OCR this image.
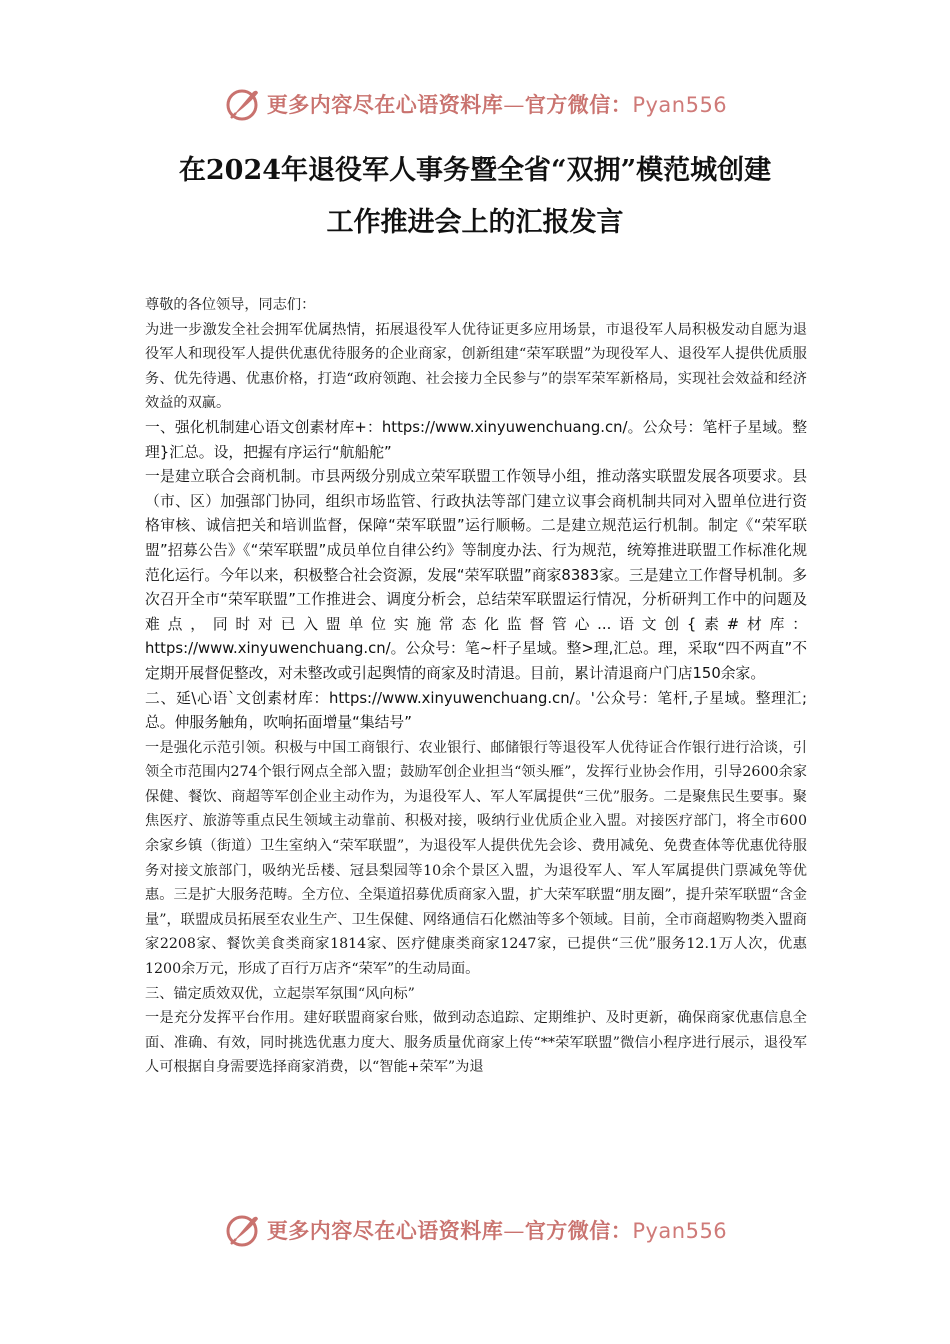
更多内容尽在心语资料库—官方微信：Pyan556
在2024年退役军人事务暨全省“双拥”模范城创建
工作推进会上的汇报发言

尊敬的各位领导，同志们：

为进一步激发全社会拥军优属热情，拓展退役军人优待证更多应用场景，市退役军人局积极发动自愿为退役军人和现役军人提供优惠优待服务的企业商家，创新组建“荣军联盟”为现役军人、退役军人提供优质服务、优先待遇、优惠价格，打造“政府领跑、社会接力全民参与”的崇军荣军新格局，实现社会效益和经济效益的双赢。

一、强化机制建心语文创素材库+：https://www.xinyuwenchuang.cn/。公众号：笔杆子星域。整理}汇总。设，把握有序运行“航船舵”

一是建立联合会商机制。市县两级分别成立荣军联盟工作领导小组，推动落实联盟发展各项要求。县（市、区）加强部门协同，组织市场监管、行政执法等部门建立议事会商机制共同对入盟单位进行资格审核、诚信把关和培训监督，保障“荣军联盟”运行顺畅。二是建立规范运行机制。制定《“荣军联盟”招募公告》《“荣军联盟”成员单位自律公约》等制度办法、行为规范，统筹推进联盟工作标准化规范化运行。今年以来，积极整合社会资源，发展“荣军联盟”商家8383家。三是建立工作督导机制。多次召开全市“荣军联盟”工作推进会、调度分析会，总结荣军联盟运行情况，分析研判工作中的问题及难点，同时对已入盟单位实施常态化监督管心...语文创{素#材库：https://www.xinyuwenchuang.cn/。公众号：笔~杆子星域。整>理,汇总。理，采取“四不两直”不定期开展督促整改，对未整改或引起舆情的商家及时清退。目前，累计清退商户门店150余家。

二、延\心语`文创素材库：https://www.xinyuwenchuang.cn/。'公众号：笔杆,子星域。整理汇;总。伸服务触角，吹响拓面增量“集结号”

一是强化示范引领。积极与中国工商银行、农业银行、邮储银行等退役军人优待证合作银行进行洽谈，引领全市范围内274个银行网点全部入盟；鼓励军创企业担当“领头雁”，发挥行业协会作用，引导2600余家保健、餐饮、商超等军创企业主动作为，为退役军人、军人军属提供“三优”服务。二是聚焦民生要事。聚焦医疗、旅游等重点民生领域主动靠前、积极对接，吸纳行业优质企业入盟。对接医疗部门，将全市600余家乡镇（街道）卫生室纳入“荣军联盟”，为退役军人提供优先会诊、费用减免、免费查体等优惠优待服务对接文旅部门，吸纳光岳楼、冠县梨园等10余个景区入盟，为退役军人、军人军属提供门票减免等优惠。三是扩大服务范畴。全方位、全渠道招募优质商家入盟，扩大荣军联盟“朋友圈”，提升荣军联盟“含金量”，联盟成员拓展至农业生产、卫生保健、网络通信石化燃油等多个领域。目前，全市商超购物类入盟商家2208家、餐饮美食类商家1814家、医疗健康类商家1247家，已提供“三优”服务12.1万人次，优惠1200余万元，形成了百行万店齐“荣军”的生动局面。

三、锚定质效双优，立起崇军氛围“风向标”

一是充分发挥平台作用。建好联盟商家台账，做到动态追踪、定期维护、及时更新，确保商家优惠信息全面、准确、有效，同时挑选优惠力度大、服务质量优商家上传“**荣军联盟”微信小程序进行展示，退役军人可根据自身需要选择商家消费，以“智能+荣军”为退

更多内容尽在心语资料库—官方微信：Pyan556
